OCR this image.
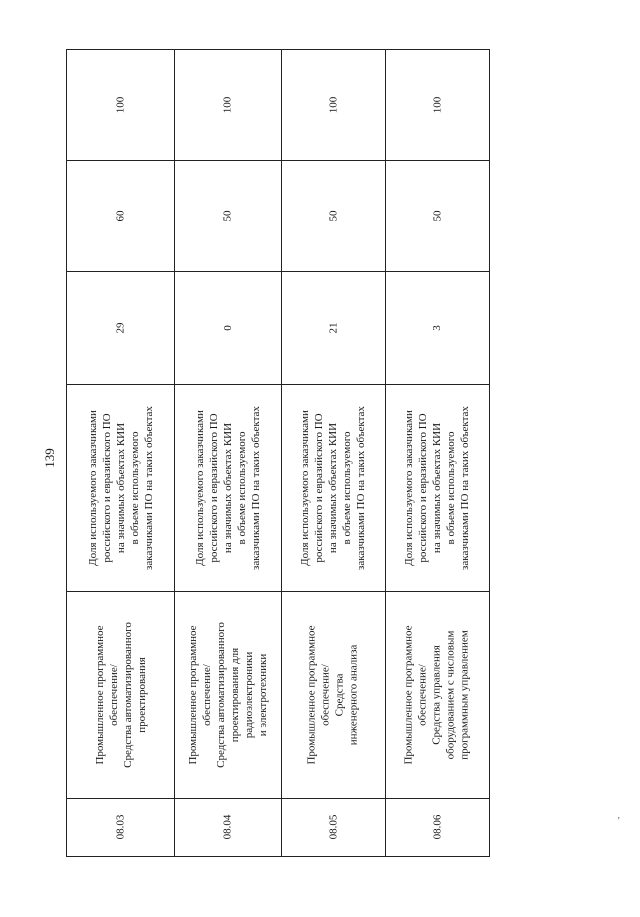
139
08.03
Промышленное программное обеспечение/ Средства автоматизированного проектирования
Доля используемого заказчиками российского и евразийского ПО на значимых объектах КИИ в объеме используемого заказчиками ПО на таких объектах
29
60
100
08.04
Промышленное программное обеспечение/ Средства автоматизированного проектирования для радиоэлектроники и электротехники
Доля используемого заказчиками российского и евразийского ПО на значимых объектах КИИ в объеме используемого заказчиками ПО на таких объектах
0
50
100
08.05
Промышленное программное обеспечение/ Средства инженерного анализа
Доля используемого заказчиками российского и евразийского ПО на значимых объектах КИИ в объеме используемого заказчиками ПО на таких объектах
21
50
100
08.06
Промышленное программное обеспечение/ Средства управления оборудованием с числовым программным управлением
Доля используемого заказчиками российского и евразийского ПО на значимых объектах КИИ в объеме используемого заказчиками ПО на таких объектах
3
50
100
’
